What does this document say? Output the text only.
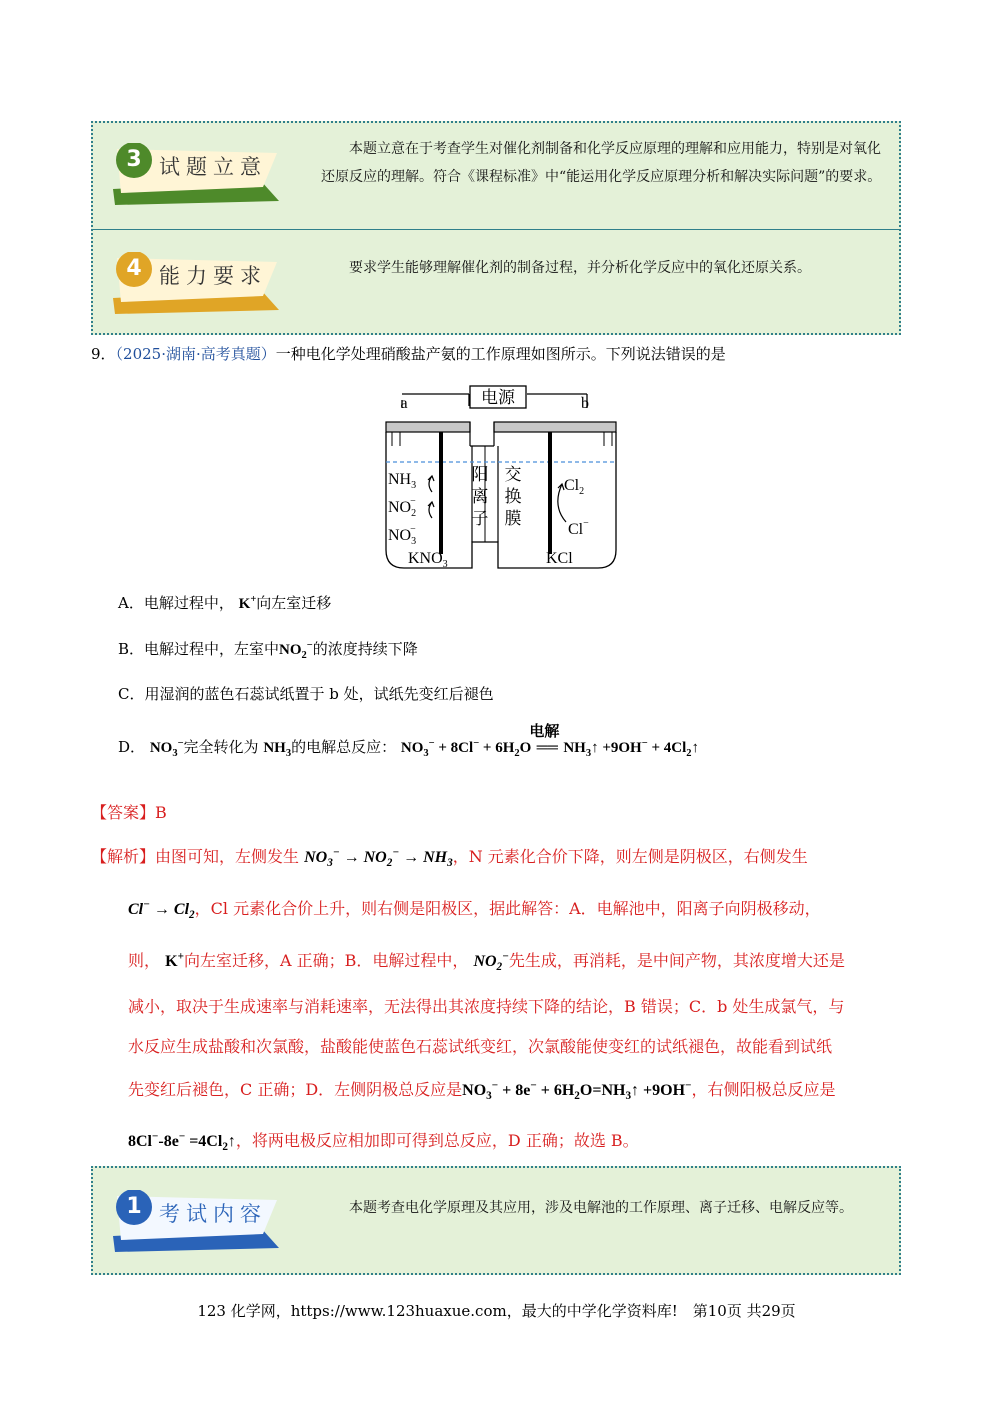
3 试题立意
本题立意在于考查学生对催化剂制备和化学反应原理的理解和应用能力，特别是对氧化还原反应的理解。符合《课程标准》中“能运用化学反应原理分析和解决实际问题”的要求。
4 能力要求	要求学生能够理解催化剂的制备过程，并分析化学反应中的氧化还原关系。
9．（2025·湖南·高考真题）一种电化学处理硝酸盐产氨的工作原理如图所示。下列说法错误的是
电源
a	b
阳
离
子
交
换
膜
$NH_3$
$NO_2-$
$NO_3-$
$KNO_3$
$Cl_2$
Cl−
KCl
A．电解过程中， K+向左室迁移
B．电解过程中，左室中$NO_2^-$的浓度持续下降
C．用湿润的蓝色石蕊试纸置于 b 处，试纸先变红后褪色
D． $NO_3^-$完全转化为 $NH_3$的电解总反应： $NO_3^- + 8Cl^- + 6H_2O$
电解
══ $NH_3↑ +9OH^-$ + $4Cl_2↑$
【答案】B
【解析】由图可知，左侧发生 $NO_3^- \to NO_2^- \to NH_3$，N 元素化合价下降，则左侧是阴极区，右侧发生
$Cl^- \to Cl_2$，Cl 元素化合价上升，则右侧是阳极区，据此解答：A．电解池中，阳离子向阴极移动，
则， K+向左室迁移，A 正确；B．电解过程中， $NO_2^-$先生成，再消耗，是中间产物，其浓度增大还是
减小，取决于生成速率与消耗速率，无法得出其浓度持续下降的结论，B 错误；C．b 处生成氯气，与
水反应生成盐酸和次氯酸，盐酸能使蓝色石蕊试纸变红，次氯酸能使变红的试纸褪色，故能看到试纸
先变红后褪色，C 正确；D．左侧阴极总反应是$NO_3^- + 8e^-$ + $6H_2O=NH_3↑ +9OH^-$，右侧阳极总反应是
$8Cl^--8e^- =4Cl_2↑$，将两电极反应相加即可得到总反应，D 正确；故选 B。
1 考试内容	本题考查电化学原理及其应用，涉及电解池的工作原理、离子迁移、电解反应等。
123 化学网，https://www.123huaxue.com，最大的中学化学资料库!　第10页 共29页
